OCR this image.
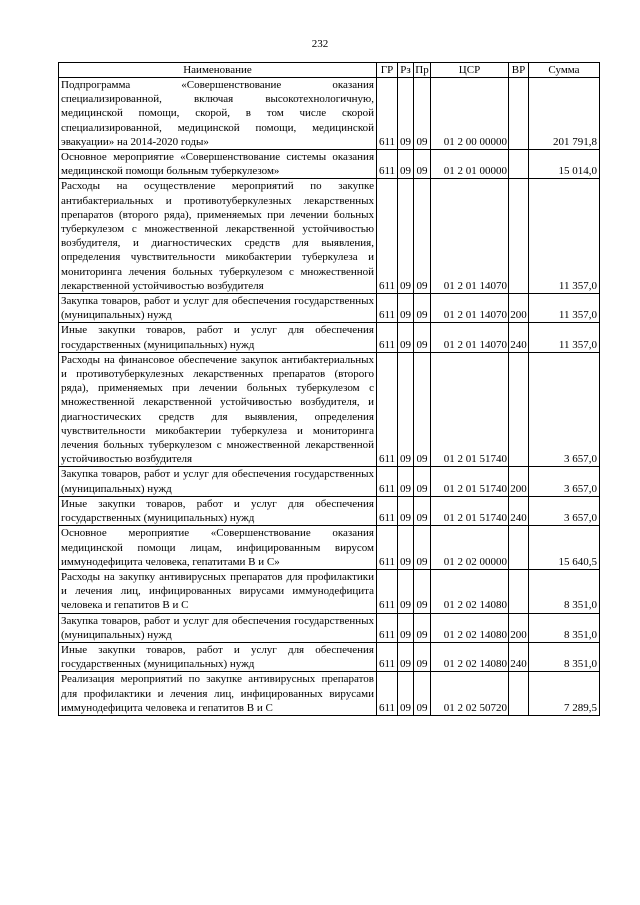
232
Наименование	ГР	Рз	Пр	ЦСР	ВР	Сумма
Подпрограмма «Совершенствование оказания специализированной, включая высокотехнологичную, медицинской помощи, скорой, в том числе скорой специализированной, медицинской помощи, медицинской эвакуации» на 2014-2020 годы»	611	09	09	01 2 00 00000		201 791,8
Основное мероприятие «Совершенствование системы оказания медицинской помощи больным туберкулезом»	611	09	09	01 2 01 00000		15 014,0
Расходы на осуществление мероприятий по закупке антибактериальных и противотуберкулезных лекарственных препаратов (второго ряда), применяемых при лечении больных туберкулезом с множественной лекарственной устойчивостью возбудителя, и диагностических средств для выявления, определения чувствительности микобактерии туберкулеза и мониторинга лечения больных туберкулезом с множественной лекарственной устойчивостью возбудителя	611	09	09	01 2 01 14070		11 357,0
Закупка товаров, работ и услуг для обеспечения государственных (муниципальных) нужд	611	09	09	01 2 01 14070	200	11 357,0
Иные закупки товаров, работ и услуг для обеспечения государственных (муниципальных) нужд	611	09	09	01 2 01 14070	240	11 357,0
Расходы на финансовое обеспечение закупок антибактериальных и противотуберкулезных лекарственных препаратов (второго ряда), применяемых при лечении больных туберкулезом с множественной лекарственной устойчивостью возбудителя, и диагностических средств для выявления, определения чувствительности микобактерии туберкулеза и мониторинга лечения больных туберкулезом с множественной лекарственной устойчивостью возбудителя	611	09	09	01 2 01 51740		3 657,0
Закупка товаров, работ и услуг для обеспечения государственных (муниципальных) нужд	611	09	09	01 2 01 51740	200	3 657,0
Иные закупки товаров, работ и услуг для обеспечения государственных (муниципальных) нужд	611	09	09	01 2 01 51740	240	3 657,0
Основное мероприятие «Совершенствование оказания медицинской помощи лицам, инфицированным вирусом иммунодефицита человека, гепатитами В и С»	611	09	09	01 2 02 00000		15 640,5
Расходы на закупку антивирусных препаратов для профилактики и лечения лиц, инфицированных вирусами иммунодефицита человека и гепатитов В и С	611	09	09	01 2 02 14080		8 351,0
Закупка товаров, работ и услуг для обеспечения государственных (муниципальных) нужд	611	09	09	01 2 02 14080	200	8 351,0
Иные закупки товаров, работ и услуг для обеспечения государственных (муниципальных) нужд	611	09	09	01 2 02 14080	240	8 351,0
Реализация мероприятий по закупке антивирусных препаратов для профилактики и лечения лиц, инфицированных вирусами иммунодефицита человека и гепатитов В и С	611	09	09	01 2 02 50720		7 289,5
